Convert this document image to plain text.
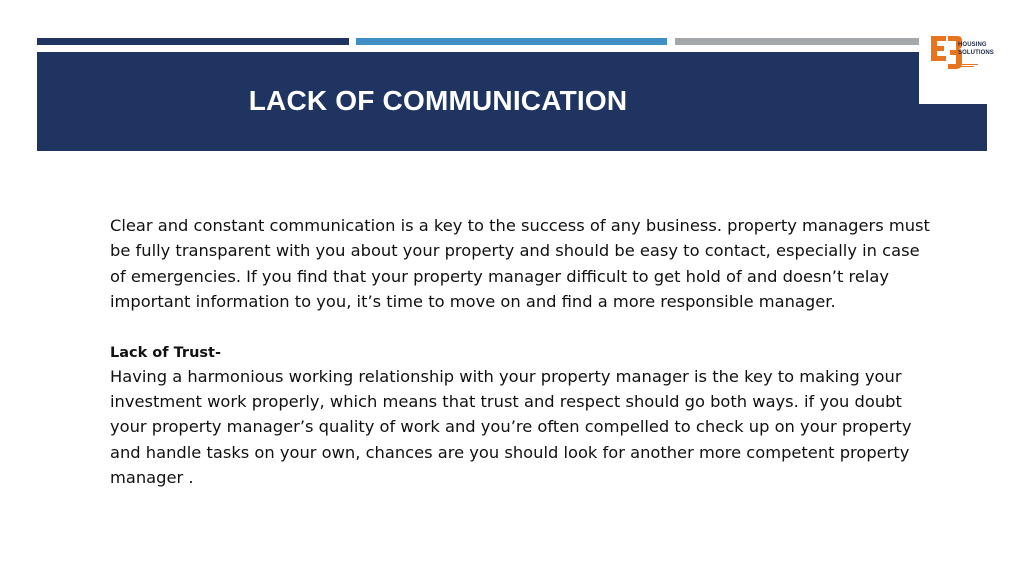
LACK OF COMMUNICATION
HOUSING
SOLUTIONS

Clear and constant communication is a key to the success of any business. property managers must be fully transparent with you about your property and should be easy to contact, especially in case of emergencies. If you find that your property manager difficult to get hold of and doesn’t relay important information to you, it’s time to move on and find a more responsible manager.

Lack of Trust-

Having a harmonious working relationship with your property manager is the key to making your investment work properly, which means that trust and respect should go both ways. if you doubt your property manager’s quality of work and you’re often compelled to check up on your property and handle tasks on your own, chances are you should look for another more competent property manager .
